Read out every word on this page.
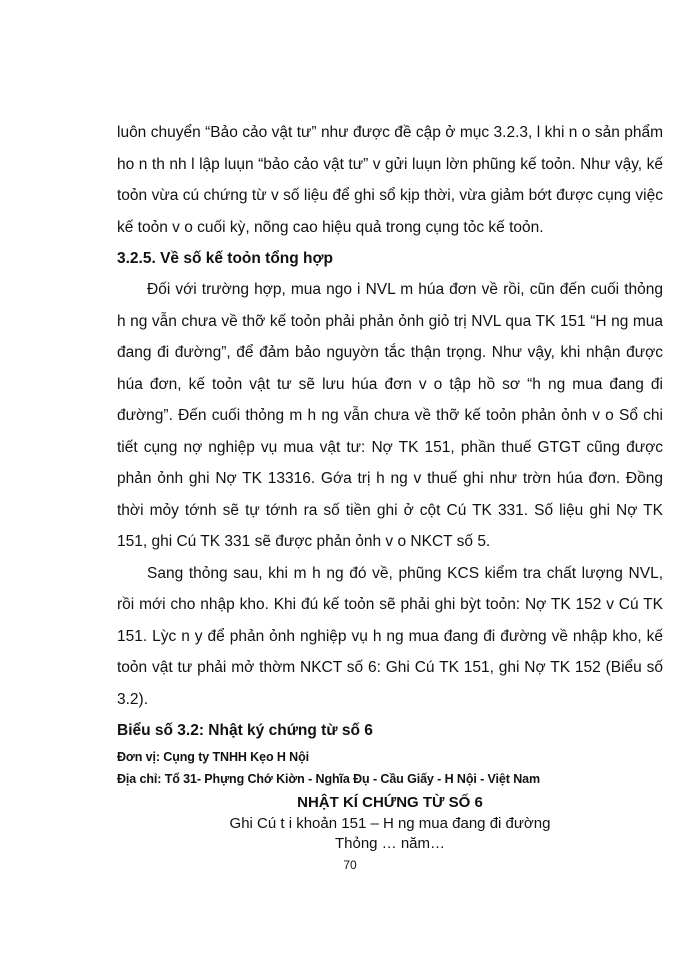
luôn chuyển “Bảo cảo vật tư” như được đề cập ở mục 3.2.3, l khi n o sản phẩm ho n th nh l lập luụn “bảo cảo vật tư” v gửi luụn lờn phũng kế toỏn. Như vậy, kế toỏn vừa cú chứng từ v số liệu để ghi sổ kịp thời, vừa giảm bớt được cụng việc kế toỏn v o cuối kỳ, nõng cao hiệu quả trong cụng tỏc kế toỏn.

3.2.5. Về số kế toỏn tổng hợp

Đối với trường hợp, mua ngo i NVL m húa đơn về rồi, cũn đến cuối thỏng h ng vẫn chưa về thỡ kế toỏn phải phản ỏnh giỏ trị NVL qua TK 151 “H ng mua đang đi đường”, để đảm bảo nguyờn tắc thận trọng. Như vậy, khi nhận được húa đơn, kế toỏn vật tư sẽ lưu húa đơn v o tập hồ sơ “h ng mua đang đi đường”. Đến cuối thỏng m h ng vẫn chưa về thỡ kế toỏn phản ỏnh v o Sổ chi tiết cụng nợ nghiệp vụ mua vật tư: Nợ TK 151, phần thuế GTGT cũng được phản ỏnh ghi Nợ TK 13316. Gớa trị h ng v thuế ghi như trờn húa đơn. Đồng thời mỏy tớnh sẽ tự tớnh ra số tiền ghi ở cột Cú TK 331. Số liệu ghi Nợ TK 151, ghi Cú TK 331 sẽ được phản ỏnh v o NKCT số 5.

Sang thỏng sau, khi m h ng đó về, phũng KCS kiểm tra chất lượng NVL, rồi mới cho nhập kho. Khi đú kế toỏn sẽ phải ghi bỳt toỏn: Nợ TK 152 v Cú TK 151. Lỳc n y để phản ỏnh nghiệp vụ h ng mua đang đi đường về nhập kho, kế toỏn vật tư phải mở thờm NKCT số 6: Ghi Cú TK 151, ghi Nợ TK 152 (Biểu số 3.2).

Biểu số 3.2: Nhật ký chứng từ số 6

Đơn vị: Cụng ty TNHH Kẹo H Nội

Địa chỉ: Tổ 31- Phựng Chớ Kiờn - Nghĩa Đụ - Cầu Giấy - H Nội - Việt Nam

NHẬT KÍ CHỨNG TỪ SỐ 6

Ghi Cú t i khoản 151 – H ng mua đang đi đường

Thỏng … năm…

70
